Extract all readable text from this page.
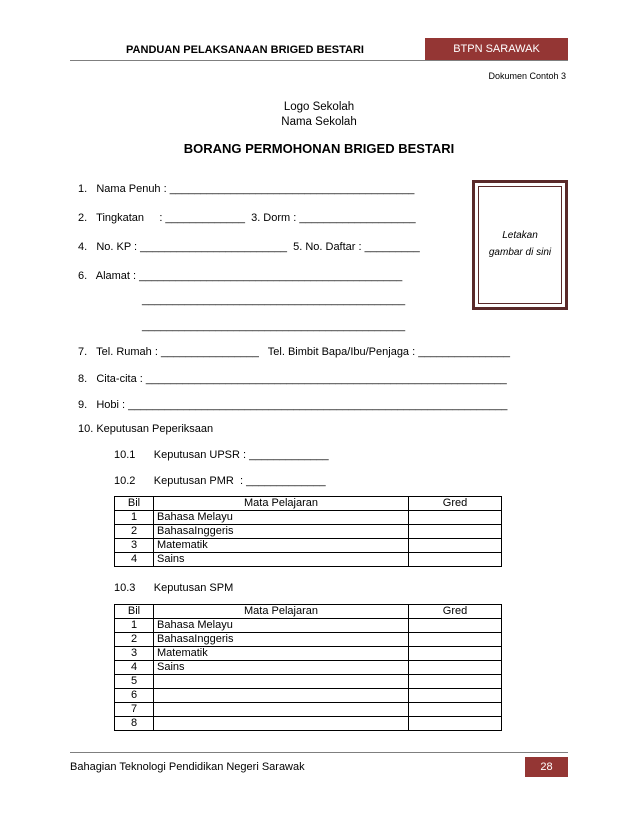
PANDUAN PELAKSANAAN BRIGED BESTARI	BTPN SARAWAK
Dokumen Contoh 3
Logo Sekolah
Nama Sekolah
BORANG PERMOHONAN BRIGED BESTARI
1.   Nama Penuh : ________________________________________
2.   Tingkatan     : _____________  3. Dorm : ___________________
4.   No. KP : ________________________  5. No. Daftar : _________
6.   Alamat : ___________________________________________
___________________________________________
___________________________________________
7.   Tel. Rumah : ________________   Tel. Bimbit Bapa/Ibu/Penjaga : _______________
8.   Cita-cita : ___________________________________________________________
9.   Hobi : ______________________________________________________________
10. Keputusan Peperiksaan
10.1      Keputusan UPSR : _____________
10.2      Keputusan PMR  : _____________
Letakan
gambar di sini
Bil	Mata Pelajaran	Gred
1	Bahasa Melayu	
2	BahasaInggeris	
3	Matematik	
4	Sains	
10.3      Keputusan SPM
Bil	Mata Pelajaran	Gred
1	Bahasa Melayu	
2	BahasaInggeris	
3	Matematik	
4	Sains	
5		
6		
7		
8		
Bahagian Teknologi Pendidikan Negeri Sarawak	28
